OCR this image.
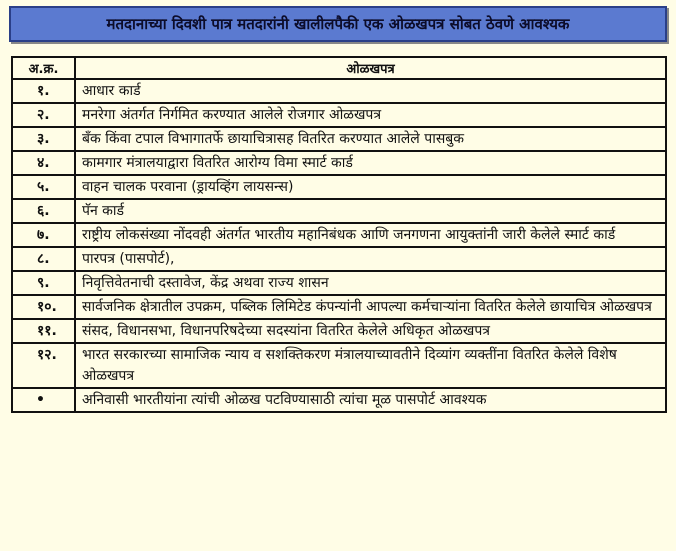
मतदानाच्या दिवशी पात्र मतदारांनी खालीलपैकी एक ओळखपत्र सोबत ठेवणे आवश्यक
अ.क्र.	ओळखपत्र
१.	आधार कार्ड
२.	मनरेगा अंतर्गत निर्गमित करण्यात आलेले रोजगार ओळखपत्र
३.	बँक किंवा टपाल विभागातर्फे छायाचित्रासह वितरित करण्यात आलेले पासबुक
४.	कामगार मंत्रालयाद्वारा वितरित आरोग्य विमा स्मार्ट कार्ड
५.	वाहन चालक परवाना (ड्रायव्हिंग लायसन्स)
६.	पॅन कार्ड
७.	राष्ट्रीय लोकसंख्या नोंदवही अंतर्गत भारतीय महानिबंधक आणि जनगणना आयुक्तांनी जारी केलेले स्मार्ट कार्ड
८.	पारपत्र (पासपोर्ट),
९.	निवृत्तिवेतनाची दस्तावेज, केंद्र अथवा राज्य शासन
१०.	सार्वजनिक क्षेत्रातील उपक्रम, पब्लिक लिमिटेड कंपन्यांनी आपल्या कर्मचाऱ्यांना वितरित केलेले छायाचित्र ओळखपत्र
११.	संसद, विधानसभा, विधानपरिषदेच्या सदस्यांना वितरित केलेले अधिकृत ओळखपत्र
१२.	भारत सरकारच्या सामाजिक न्याय व सशक्तिकरण मंत्रालयाच्यावतीने दिव्यांग व्यक्तींना वितरित केलेले विशेष ओळखपत्र
•	अनिवासी भारतीयांना त्यांची ओळख पटविण्यासाठी त्यांचा मूळ पासपोर्ट आवश्यक
